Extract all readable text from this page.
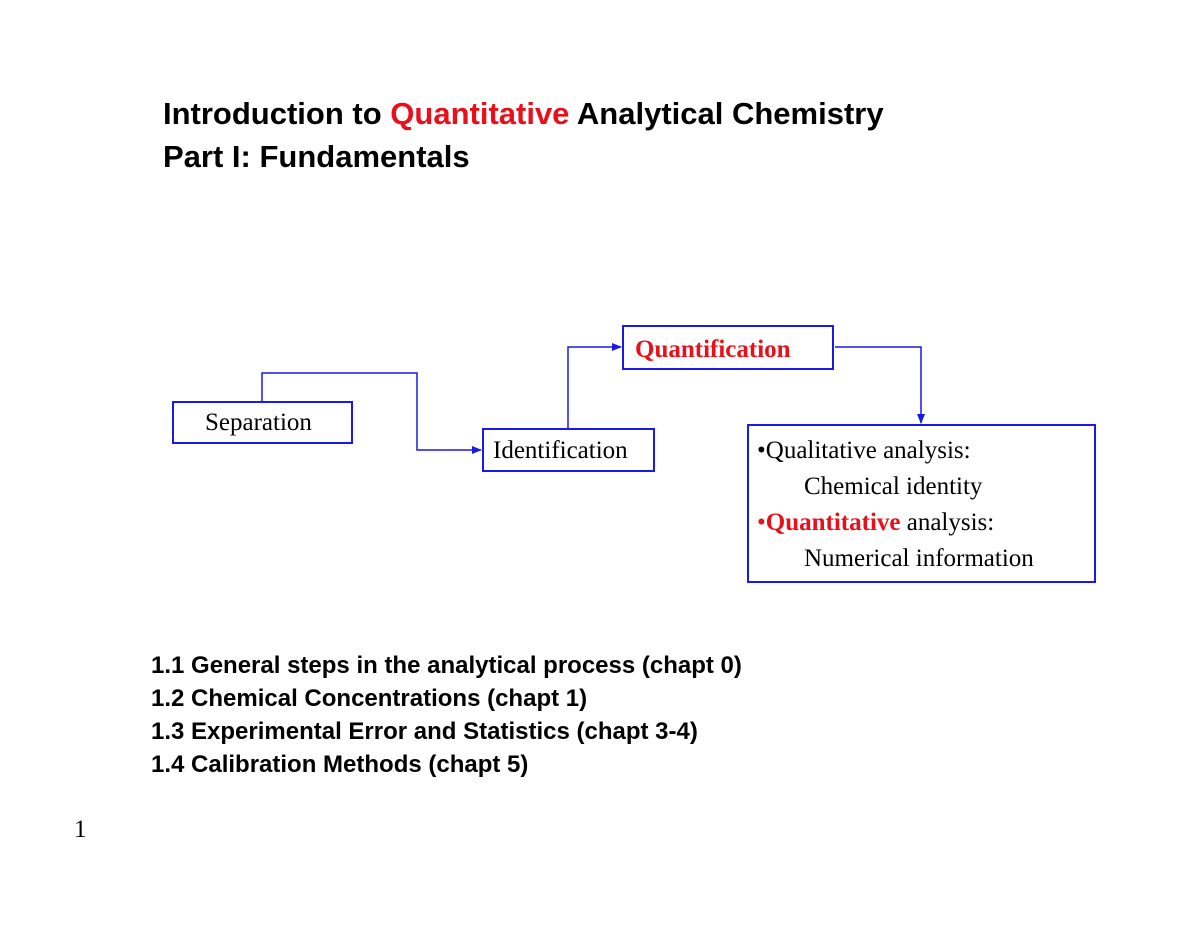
Introduction to Quantitative Analytical Chemistry
Part I: Fundamentals
Separation
Identification
Quantification
•Qualitative analysis:
Chemical identity
•Quantitative analysis:
Numerical information
1.1 General steps in the analytical process (chapt 0)
1.2 Chemical Concentrations (chapt 1)
1.3 Experimental Error and Statistics (chapt 3-4)
1.4 Calibration Methods (chapt 5)
1
